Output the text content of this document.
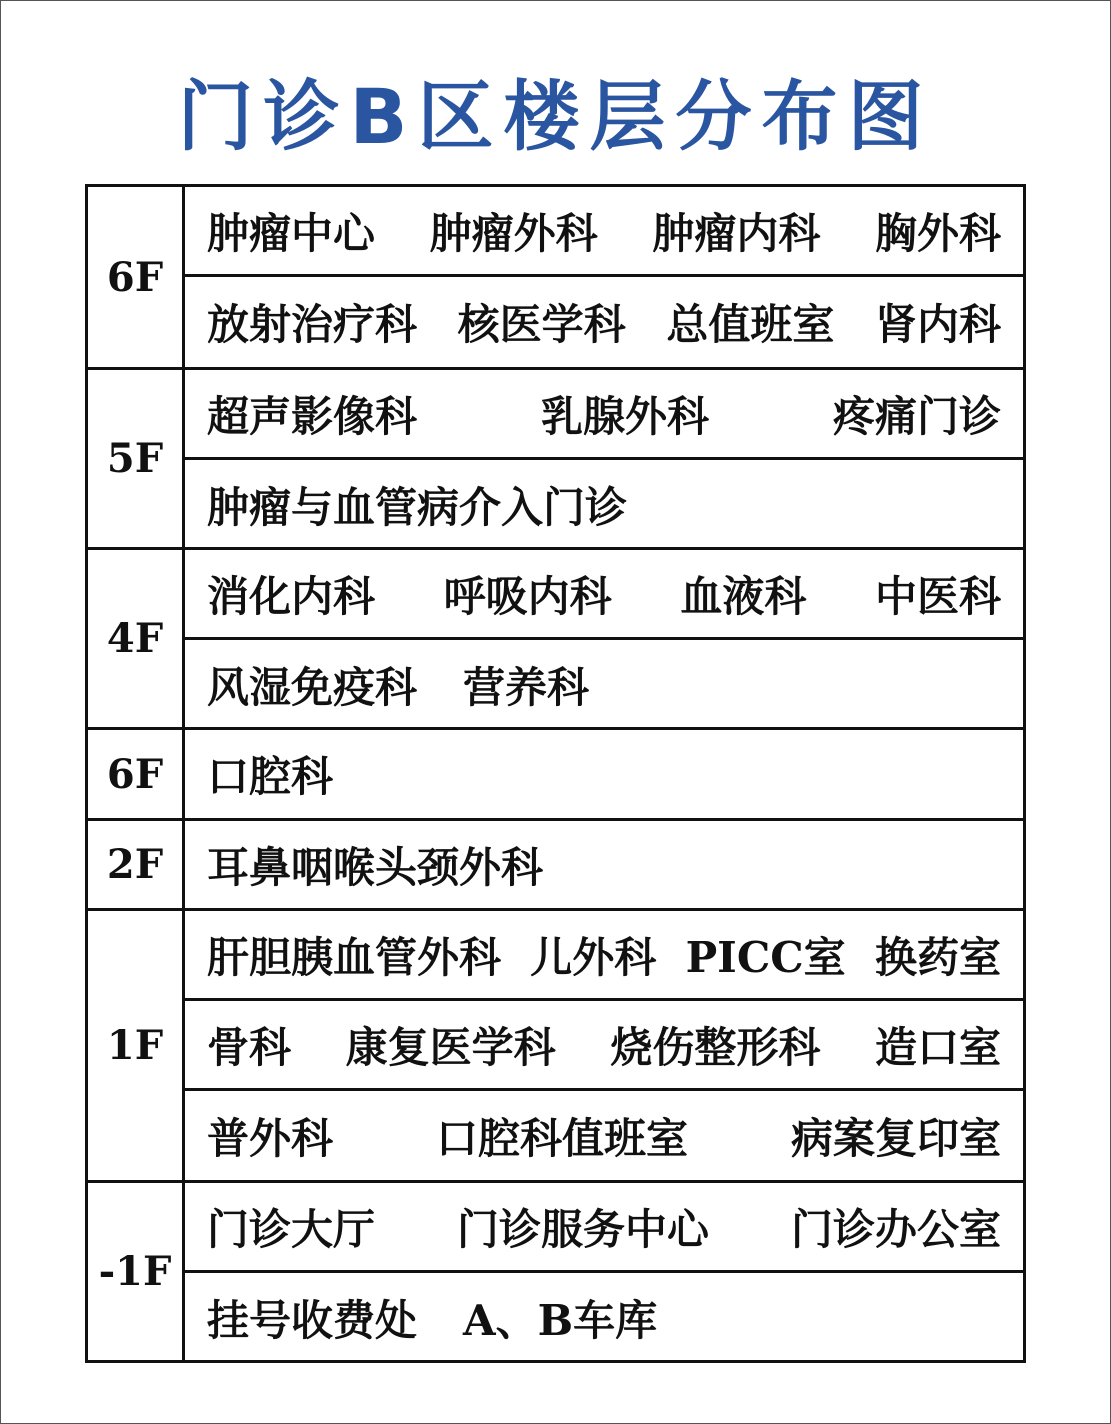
门诊B区楼层分布图
6F
肿瘤中心 肿瘤外科 肿瘤内科 胸外科
放射治疗科 核医学科 总值班室 肾内科
5F
超声影像科	乳腺外科	疼痛门诊
肿瘤与血管病介入门诊
4F
消化内科 呼吸内科 血液科 中医科
风湿免疫科 营养科
6F	口腔科
2F	耳鼻咽喉头颈外科
1F
肝胆胰血管外科 儿外科 PICC室 换药室
骨科 康复医学科 烧伤整形科 造口室
普外科 口腔科值班室 病案复印室
-1F
门诊大厅 门诊服务中心 门诊办公室
挂号收费处 A、B车库
